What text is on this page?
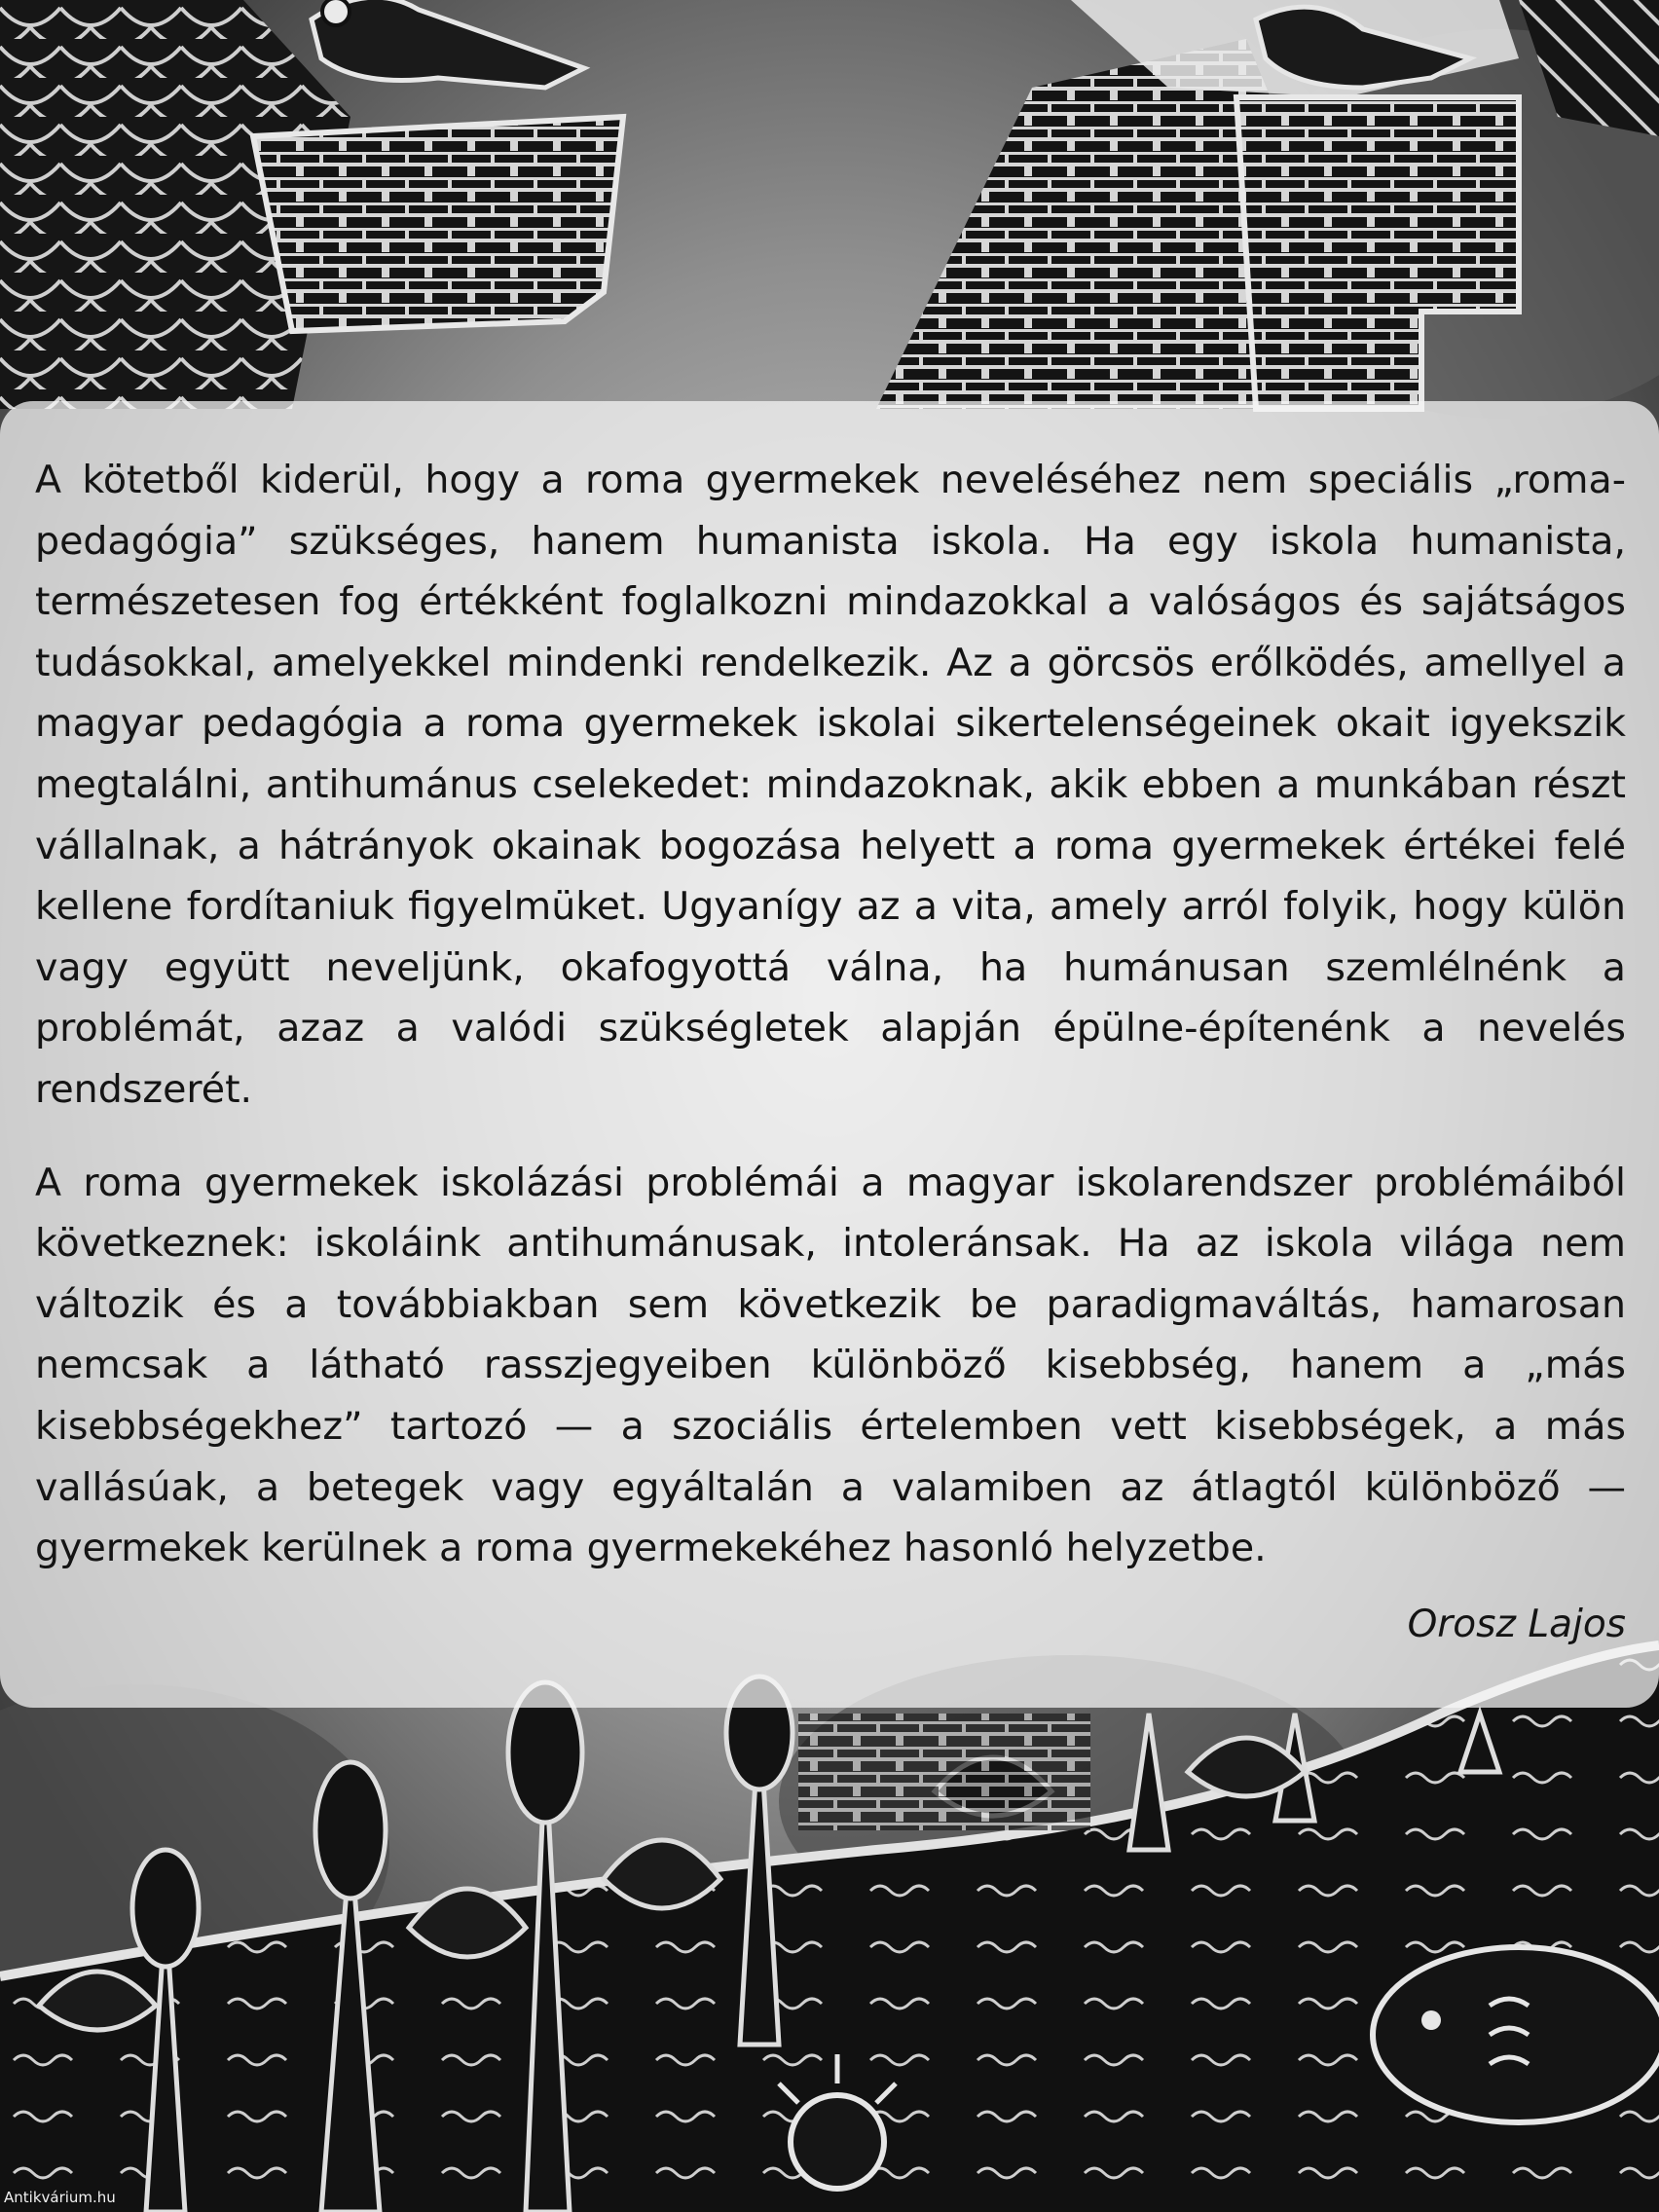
A kötetből kiderül, hogy a roma gyermekek neveléséhez nem speciális „romapedagógia” szükséges, hanem humanista iskola. Ha egy iskola humanista, természetesen fog értékként foglalkozni mindazokkal a valóságos és sajátságos tudásokkal, amelyekkel mindenki rendelkezik. Az a görcsös erőlködés, amellyel a magyar pedagógia a roma gyermekek iskolai sikertelenségeinek okait igyekszik megtalálni, antihumánus cselekedet: mindazoknak, akik ebben a munkában részt vállalnak, a hátrányok okainak bogozása helyett a roma gyermekek értékei felé kellene fordítaniuk figyelmüket. Ugyanígy az a vita, amely arról folyik, hogy külön vagy együtt neveljünk, okafogyottá válna, ha humánusan szemlélnénk a problémát, azaz a valódi szükségletek alapján épülne-építenénk a nevelés rendszerét.

A roma gyermekek iskolázási problémái a magyar iskolarendszer problémáiból következnek: iskoláink antihumánusak, intoleránsak. Ha az iskola világa nem változik és a továbbiakban sem következik be paradigmaváltás, hamarosan nemcsak a látható rasszjegyeiben különböző kisebbség, hanem a „más kisebbségekhez” tartozó — a szociális értelemben vett kisebbségek, a más vallásúak, a betegek vagy egyáltalán a valamiben az átlagtól különböző — gyermekek kerülnek a roma gyermekekéhez hasonló helyzetbe.

Orosz Lajos

Antikvárium.hu
